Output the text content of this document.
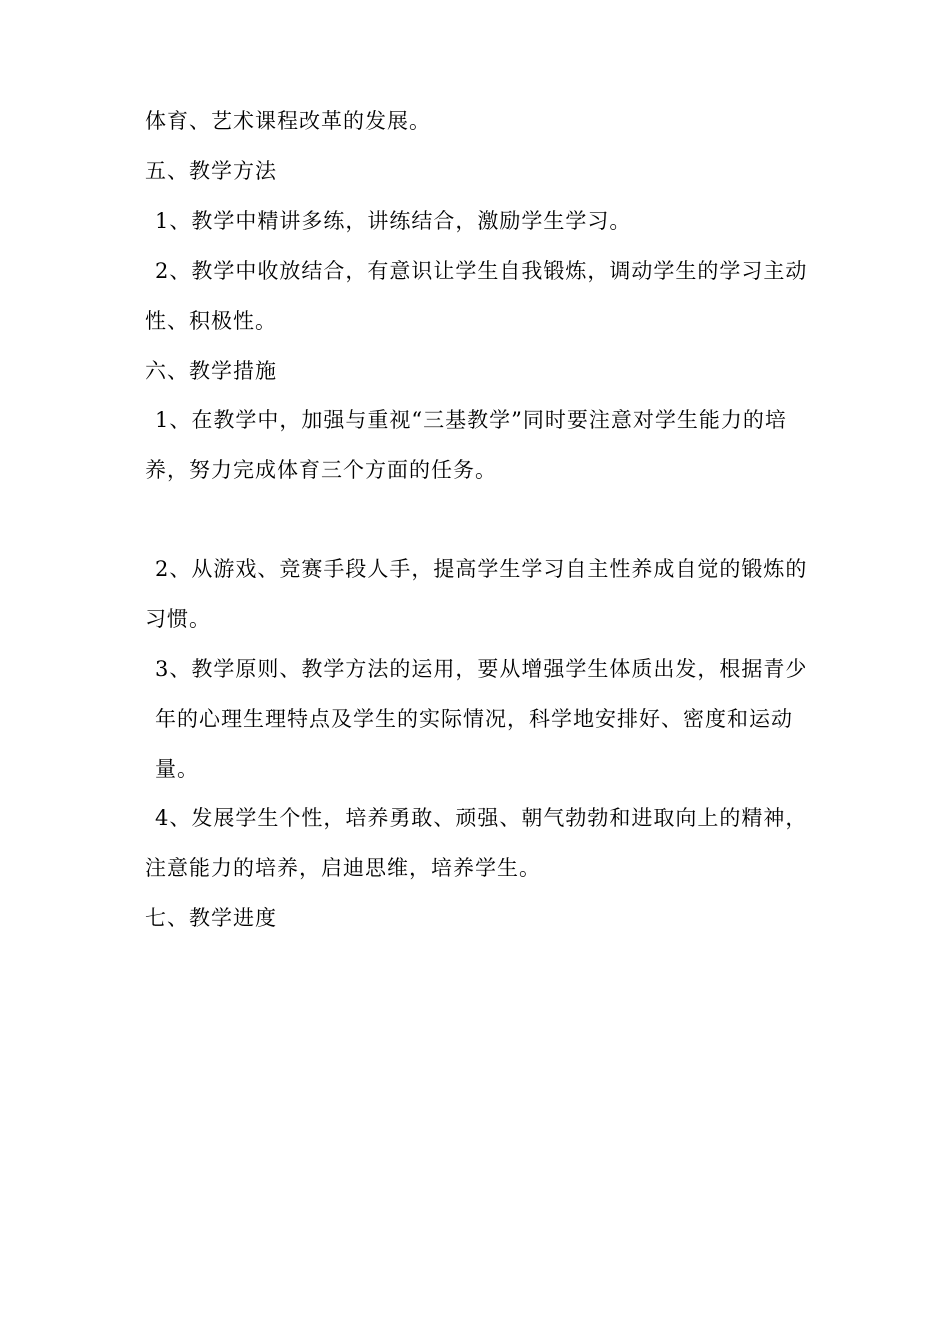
体育、艺术课程改革的发展。
五、教学方法
1、教学中精讲多练，讲练结合，激励学生学习。
2、教学中收放结合，有意识让学生自我锻炼，调动学生的学习主动
性、积极性。
六、教学措施
1、在教学中，加强与重视“三基教学”同时要注意对学生能力的培
养，努力完成体育三个方面的任务。
2、从游戏、竞赛手段人手，提高学生学习自主性养成自觉的锻炼的
习惯。
3、教学原则、教学方法的运用，要从增强学生体质出发，根据青少
年的心理生理特点及学生的实际情况，科学地安排好、密度和运动
量。
4、发展学生个性，培养勇敢、顽强、朝气勃勃和进取向上的精神，
注意能力的培养，启迪思维，培养学生。
七、教学进度
